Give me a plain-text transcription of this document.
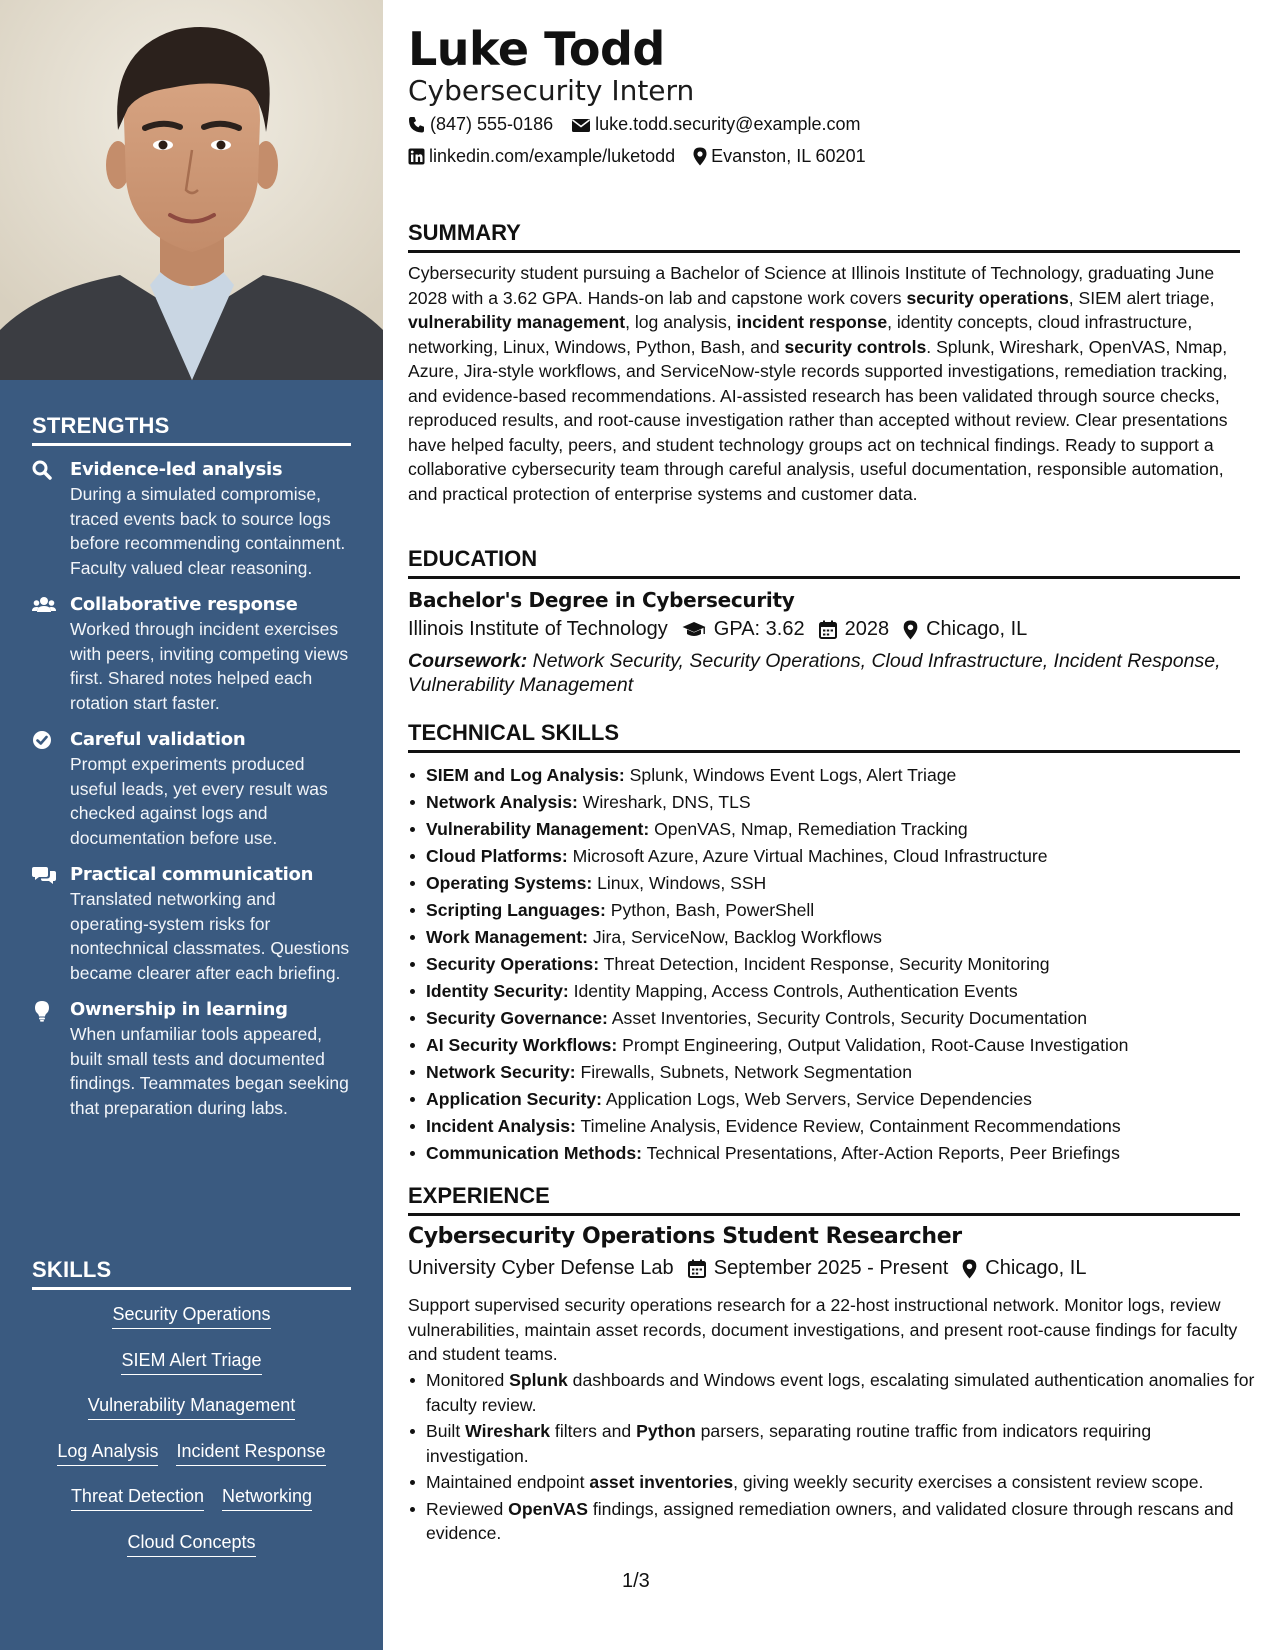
STRENGTHS
Evidence-led analysis
During a simulated compromise, traced events back to source logs before recommending containment. Faculty valued clear reasoning.
Collaborative response
Worked through incident exercises with peers, inviting competing views first. Shared notes helped each rotation start faster.
Careful validation
Prompt experiments produced useful leads, yet every result was checked against logs and documentation before use.
Practical communication
Translated networking and operating-system risks for nontechnical classmates. Questions became clearer after each briefing.
Ownership in learning
When unfamiliar tools appeared, built small tests and documented findings. Teammates began seeking that preparation during labs.
SKILLS
Security Operations
SIEM Alert Triage
Vulnerability Management
Log Analysis Incident Response
Threat Detection Networking
Cloud Concepts
Luke Todd
Cybersecurity Intern
(847) 555-0186 luke.todd.security@example.com
linkedin.com/example/luketodd Evanston, IL 60201
SUMMARY
Cybersecurity student pursuing a Bachelor of Science at Illinois Institute of Technology, graduating June 2028 with a 3.62 GPA. Hands-on lab and capstone work covers security operations, SIEM alert triage, vulnerability management, log analysis, incident response, identity concepts, cloud infrastructure, networking, Linux, Windows, Python, Bash, and security controls. Splunk, Wireshark, OpenVAS, Nmap, Azure, Jira-style workflows, and ServiceNow-style records supported investigations, remediation tracking, and evidence-based recommendations. AI-assisted research has been validated through source checks, reproduced results, and root-cause investigation rather than accepted without review. Clear presentations have helped faculty, peers, and student technology groups act on technical findings. Ready to support a collaborative cybersecurity team through careful analysis, useful documentation, responsible automation, and practical protection of enterprise systems and customer data.
EDUCATION
Bachelor's Degree in Cybersecurity
Illinois Institute of Technology GPA: 3.62 2028 Chicago, IL
Coursework: Network Security, Security Operations, Cloud Infrastructure, Incident Response, Vulnerability Management
TECHNICAL SKILLS
SIEM and Log Analysis: Splunk, Windows Event Logs, Alert Triage
Network Analysis: Wireshark, DNS, TLS
Vulnerability Management: OpenVAS, Nmap, Remediation Tracking
Cloud Platforms: Microsoft Azure, Azure Virtual Machines, Cloud Infrastructure
Operating Systems: Linux, Windows, SSH
Scripting Languages: Python, Bash, PowerShell
Work Management: Jira, ServiceNow, Backlog Workflows
Security Operations: Threat Detection, Incident Response, Security Monitoring
Identity Security: Identity Mapping, Access Controls, Authentication Events
Security Governance: Asset Inventories, Security Controls, Security Documentation
AI Security Workflows: Prompt Engineering, Output Validation, Root-Cause Investigation
Network Security: Firewalls, Subnets, Network Segmentation
Application Security: Application Logs, Web Servers, Service Dependencies
Incident Analysis: Timeline Analysis, Evidence Review, Containment Recommendations
Communication Methods: Technical Presentations, After-Action Reports, Peer Briefings
EXPERIENCE
Cybersecurity Operations Student Researcher
University Cyber Defense Lab September 2025 - Present Chicago, IL
Support supervised security operations research for a 22-host instructional network. Monitor logs, review vulnerabilities, maintain asset records, document investigations, and present root-cause findings for faculty and student teams.
Monitored Splunk dashboards and Windows event logs, escalating simulated authentication anomalies for faculty review.
Built Wireshark filters and Python parsers, separating routine traffic from indicators requiring investigation.
Maintained endpoint asset inventories, giving weekly security exercises a consistent review scope.
Reviewed OpenVAS findings, assigned remediation owners, and validated closure through rescans and evidence.
1/3
